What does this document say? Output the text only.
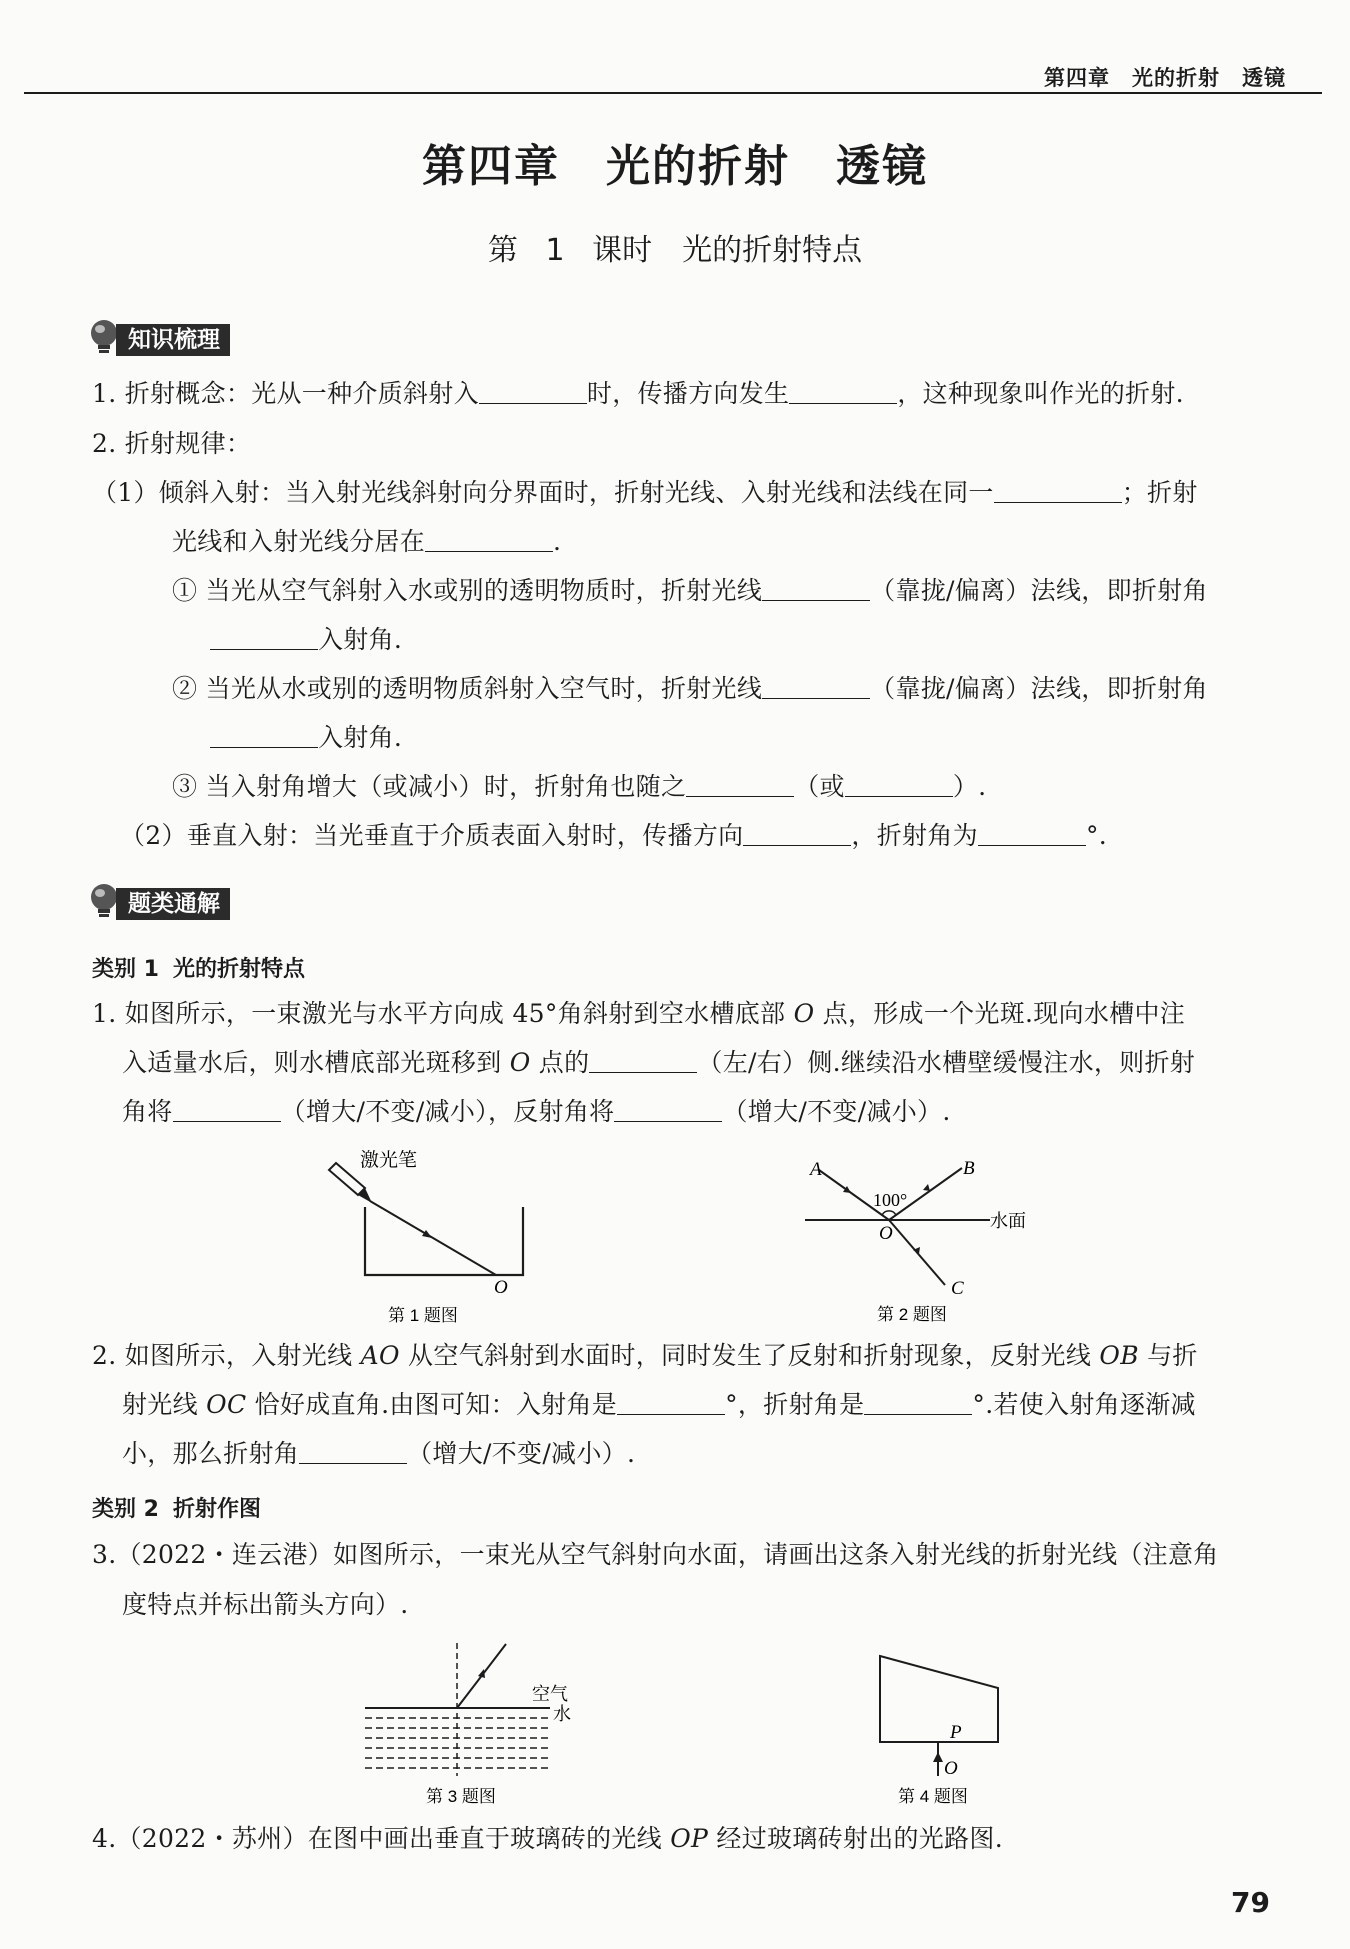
第四章 光的折射　透镜
第四章　光的折射　透镜
第 1 课时　光的折射特点
知识梳理
1. 折射概念：光从一种介质斜射入	时，传播方向发生	，这种现象叫作光的折射.
2. 折射规律：
（1）倾斜入射：当入射光线斜射向分界面时，折射光线、入射光线和法线在同一	；折射
光线和入射光线分居在	.
① 当光从空气斜射入水或别的透明物质时，折射光线	（靠拢/偏离）法线，即折射角
入射角.
② 当光从水或别的透明物质斜射入空气时，折射光线	（靠拢/偏离）法线，即折射角
入射角.
③ 当入射角增大（或减小）时，折射角也随之	（或	）.
（2）垂直入射：当光垂直于介质表面入射时，传播方向	，折射角为	°.
题类通解
类别 1 光的折射特点
1. 如图所示，一束激光与水平方向成 45°角斜射到空水槽底部 O 点，形成一个光斑.现向水槽中注
入适量水后，则水槽底部光斑移到 O 点的	（左/右）侧.继续沿水槽壁缓慢注水，则折射
角将	（增大/不变/减小），反射角将	（增大/不变/减小）.
激光笔
O
第 1 题图
A	B
100°
O
水面
C
第 2 题图
2. 如图所示，入射光线 AO 从空气斜射到水面时，同时发生了反射和折射现象，反射光线 OB 与折
射光线 OC 恰好成直角.由图可知：入射角是	°，折射角是	°.若使入射角逐渐减
小，那么折射角	（增大/不变/减小）.
类别 2 折射作图
3.（2022・连云港）如图所示，一束光从空气斜射向水面，请画出这条入射光线的折射光线（注意角
度特点并标出箭头方向）.
空气
水
第 3 题图
P
O
第 4 题图
4.（2022・苏州）在图中画出垂直于玻璃砖的光线 OP 经过玻璃砖射出的光路图.
79
